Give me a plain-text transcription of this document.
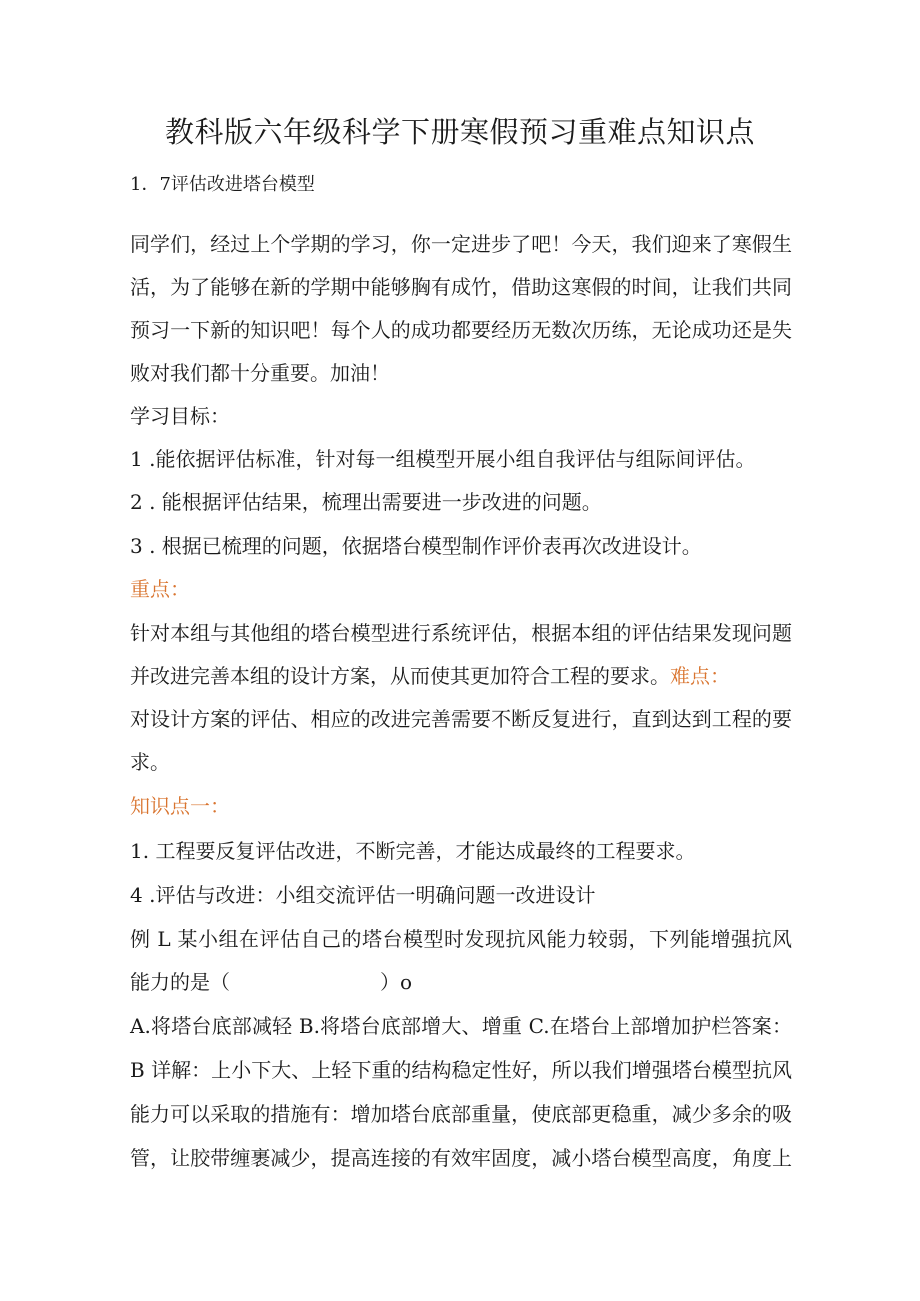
教科版六年级科学下册寒假预习重难点知识点
1．7评估改进塔台模型
同学们，经过上个学期的学习，你一定进步了吧！今天，我们迎来了寒假生
活，为了能够在新的学期中能够胸有成竹，借助这寒假的时间，让我们共同
预习一下新的知识吧！每个人的成功都要经历无数次历练，无论成功还是失
败对我们都十分重要。加油！
学习目标：
1 .能依据评估标准，针对每一组模型开展小组自我评估与组际间评估。
2 . 能根据评估结果，梳理出需要进一步改进的问题。
3 . 根据已梳理的问题，依据塔台模型制作评价表再次改进设计。
重点：
针对本组与其他组的塔台模型进行系统评估，根据本组的评估结果发现问题
并改进完善本组的设计方案，从而使其更加符合工程的要求。难点：
对设计方案的评估、相应的改进完善需要不断反复进行，直到达到工程的要
求。
知识点一：
1. 工程要反复评估改进，不断完善，才能达成最终的工程要求。
4 .评估与改进：小组交流评估一明确问题一改进设计
例 L 某小组在评估自己的塔台模型时发现抗风能力较弱，下列能增强抗风
能力的是（	）o
A.将塔台底部减轻 B.将塔台底部增大、增重 C.在塔台上部增加护栏答案：
B 详解：上小下大、上轻下重的结构稳定性好，所以我们增强塔台模型抗风
能力可以采取的措施有：增加塔台底部重量，使底部更稳重，减少多余的吸
管，让胶带缠裹减少，提高连接的有效牢固度，减小塔台模型高度，角度上
